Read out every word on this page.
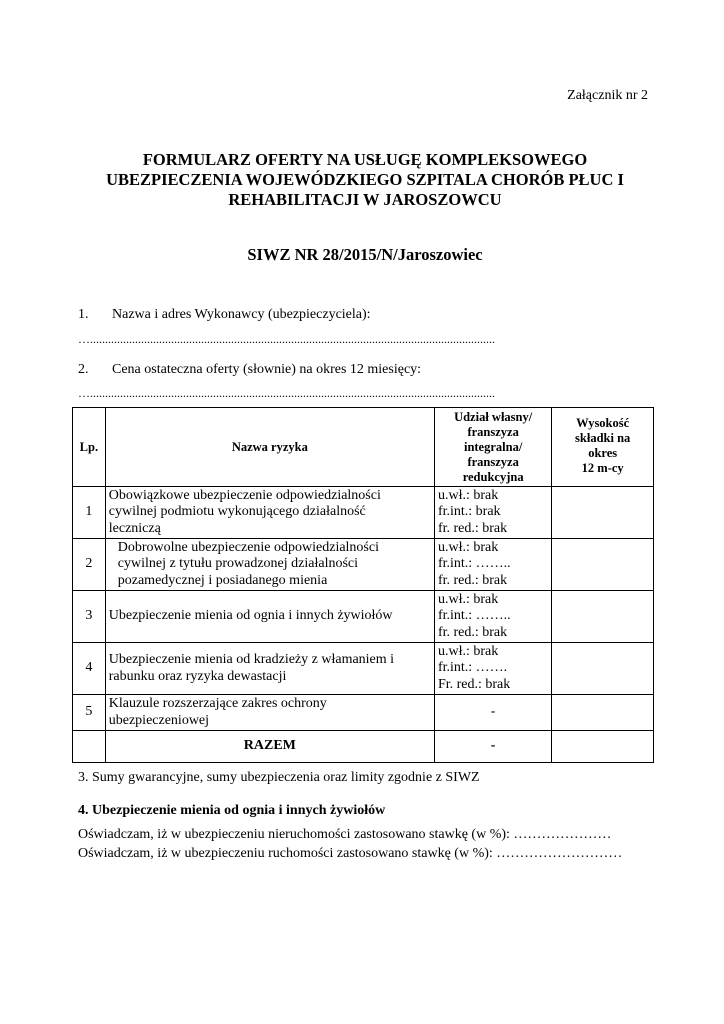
Załącznik nr 2
FORMULARZ OFERTY NA USŁUGĘ KOMPLEKSOWEGO
UBEZPIECZENIA WOJEWÓDZKIEGO SZPITALA CHORÓB PŁUC I
REHABILITACJI W JAROSZOWCU
SIWZ NR 28/2015/N/Jaroszowiec
1. Nazwa i adres Wykonawcy (ubezpieczyciela):
….......................................................................................................................................
2. Cena ostateczna oferty (słownie) na okres 12 miesięcy:
….......................................................................................................................................
Lp.	Nazwa ryzyka	Udział własny/
franszyza
integralna/
franszyza
redukcyjna	Wysokość
składki na
okres
12 m-cy

1	Obowiązkowe ubezpieczenie odpowiedzialności
cywilnej podmiotu wykonującego działalność
leczniczą	u.wł.: brak
fr.int.: brak
fr. red.: brak	

2	Dobrowolne ubezpieczenie odpowiedzialności
cywilnej z tytułu prowadzonej działalności
pozamedycznej i posiadanego mienia	u.wł.: brak
fr.int.: ……..
fr. red.: brak	

3	Ubezpieczenie mienia od ognia i innych żywiołów	u.wł.: brak
fr.int.: ……..
fr. red.: brak	

4	Ubezpieczenie mienia od kradzieży z włamaniem i
rabunku oraz ryzyka dewastacji	u.wł.: brak
fr.int.: …….
Fr. red.: brak	

5	Klauzule rozszerzające zakres ochrony
ubezpieczeniowej	-	
	RAZEM	-	
3. Sumy gwarancyjne, sumy ubezpieczenia oraz limity zgodnie z SIWZ
4. Ubezpieczenie mienia od ognia i innych żywiołów
Oświadczam, iż w ubezpieczeniu nieruchomości zastosowano stawkę (w %): …………………
Oświadczam, iż w ubezpieczeniu ruchomości zastosowano stawkę (w %): ………………………
